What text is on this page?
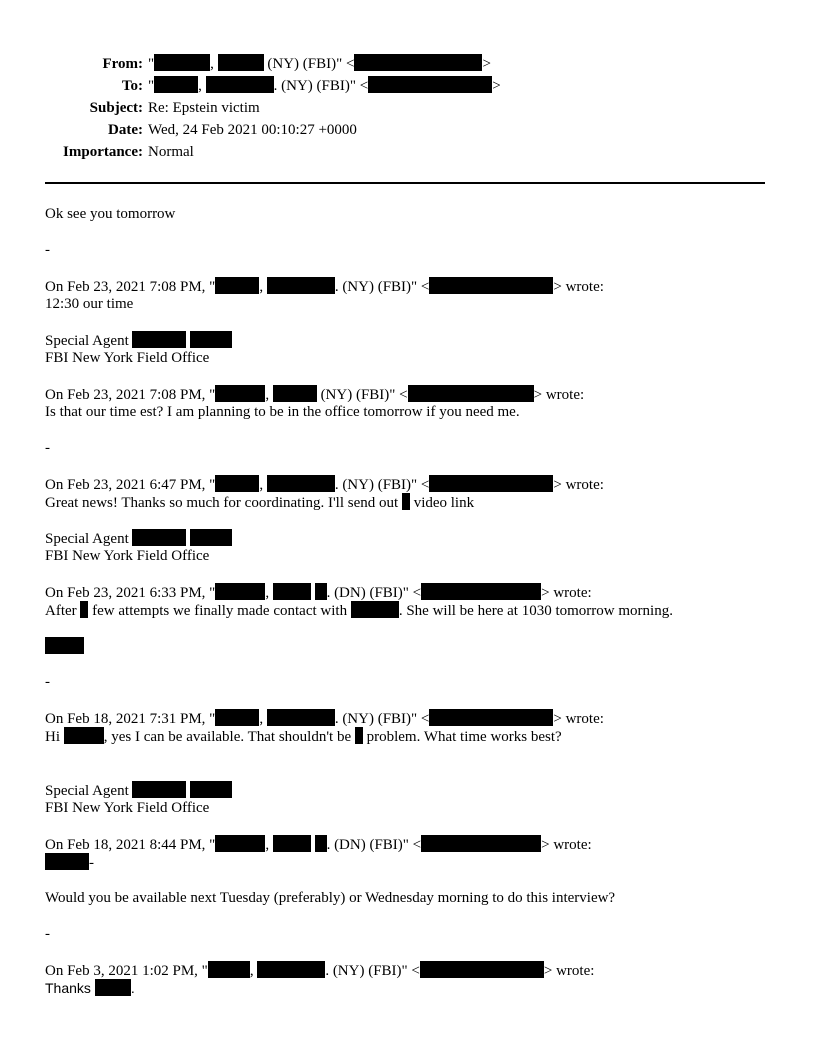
From: "	,	(NY) (FBI)" <	>
To: "	,	. (NY) (FBI)" <	>
Subject: Re: Epstein victim
Date: Wed, 24 Feb 2021 00:10:27 +0000
Importance: Normal
Ok see you tomorrow
-
On Feb 23, 2021 7:08 PM, "	,	. (NY) (FBI)" <	> wrote:
12:30 our time
Special Agent
FBI New York Field Office
On Feb 23, 2021 7:08 PM, "	,	(NY) (FBI)" <	> wrote:
Is that our time est? I am planning to be in the office tomorrow if you need me.
-
On Feb 23, 2021 6:47 PM, "	,	. (NY) (FBI)" <	> wrote:
Great news! Thanks so much for coordinating. I'll send out video link
Special Agent
FBI New York Field Office
On Feb 23, 2021 6:33 PM, "	,	. (DN) (FBI)" <	> wrote:
After few attempts we finally made contact with	. She will be here at 1030 tomorrow morning.
-
On Feb 18, 2021 7:31 PM, "	,	. (NY) (FBI)" <	> wrote:
Hi	, yes I can be available. That shouldn't be problem. What time works best?
Special Agent
FBI New York Field Office
On Feb 18, 2021 8:44 PM, "	,	. (DN) (FBI)" <	> wrote:
-
Would you be available next Tuesday (preferably) or Wednesday morning to do this interview?
-
On Feb 3, 2021 1:02 PM, "	,	. (NY) (FBI)" <	> wrote:
Thanks	.
